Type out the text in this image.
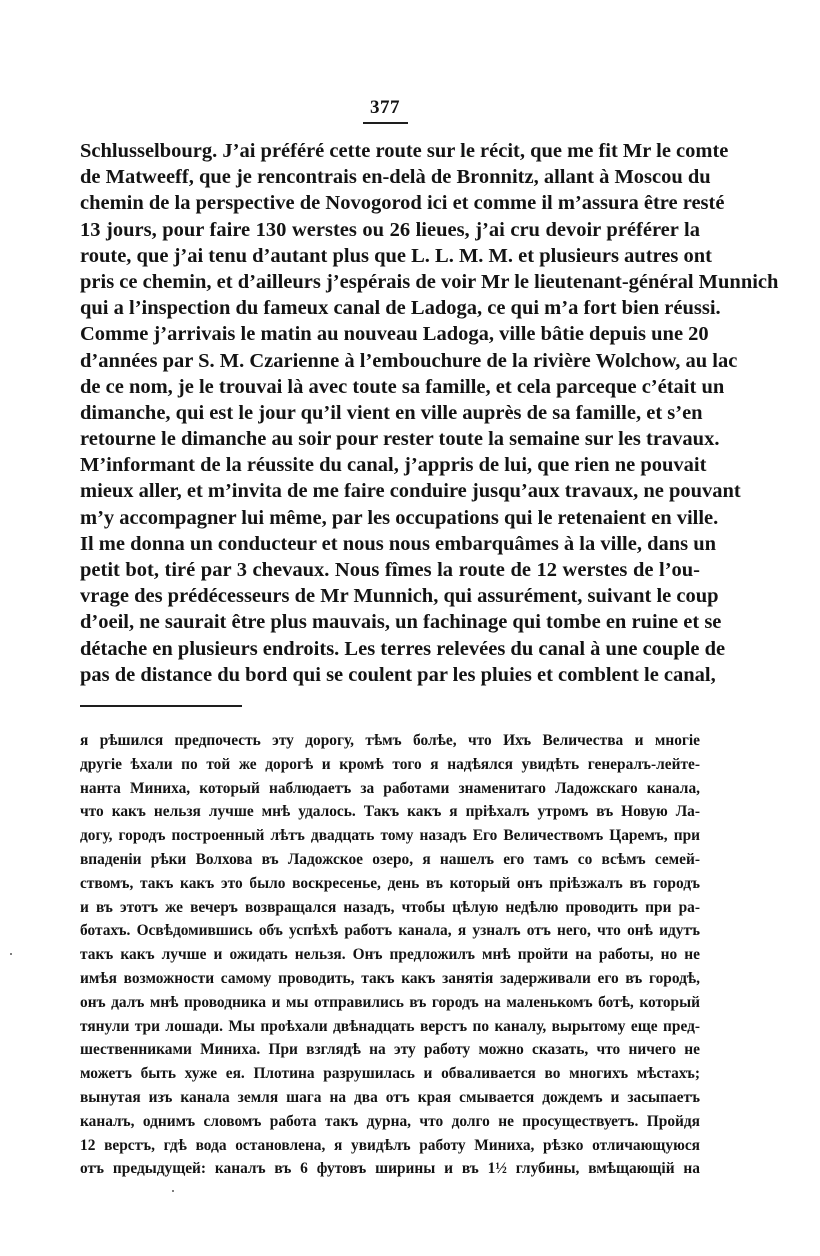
377
Schlusselbourg. J’ai préféré cette route sur le récit, que me fit Mr le comte
de Matweeff, que je rencontrais en-delà de Bronnitz, allant à Moscou du
chemin de la perspective de Novogorod ici et comme il m’assura être resté
13 jours, pour faire 130 werstes ou 26 lieues, j’ai cru devoir préférer la
route, que j’ai tenu d’autant plus que L. L. M. M. et plusieurs autres ont
pris ce chemin, et d’ailleurs j’espérais de voir Mr le lieutenant-général Munnich
qui a l’inspection du fameux canal de Ladoga, ce qui m’a fort bien réussi.
Comme j’arrivais le matin au nouveau Ladoga, ville bâtie depuis une 20
d’années par S. M. Czarienne à l’embouchure de la rivière Wolchow, au lac
de ce nom, je le trouvai là avec toute sa famille, et cela parceque c’était un
dimanche, qui est le jour qu’il vient en ville auprès de sa famille, et s’en
retourne le dimanche au soir pour rester toute la semaine sur les travaux.
M’informant de la réussite du canal, j’appris de lui, que rien ne pouvait
mieux aller, et m’invita de me faire conduire jusqu’aux travaux, ne pouvant
m’y accompagner lui même, par les occupations qui le retenaient en ville.
Il me donna un conducteur et nous nous embarquâmes à la ville, dans un
petit bot, tiré par 3 chevaux. Nous fîmes la route de 12 werstes de l’ou-
vrage des prédécesseurs de Mr Munnich, qui assurément, suivant le coup
d’oeil, ne saurait être plus mauvais, un fachinage qui tombe en ruine et se
détache en plusieurs endroits. Les terres relevées du canal à une couple de
pas de distance du bord qui se coulent par les pluies et comblent le canal,
я рѣшился предпочесть эту дорогу, тѣмъ болѣе, что Ихъ Величества и многіе
другіе ѣхали по той же дорогѣ и кромѣ того я надѣялся увидѣть генералъ-лейте-
нанта Миниха, который наблюдаетъ за работами знаменитаго Ладожскаго канала,
что какъ нельзя лучше мнѣ удалось. Такъ какъ я пріѣхалъ утромъ въ Новую Ла-
догу, городъ построенный лѣтъ двадцать тому назадъ Его Величествомъ Царемъ, при
впаденіи рѣки Волхова въ Ладожское озеро, я нашелъ его тамъ со всѣмъ семей-
ствомъ, такъ какъ это было воскресенье, день въ который онъ пріѣзжалъ въ городъ
и въ этотъ же вечеръ возвращался назадъ, чтобы цѣлую недѣлю проводить при ра-
ботахъ. Освѣдомившись объ успѣхѣ работъ канала, я узналъ отъ него, что онѣ идутъ
такъ какъ лучше и ожидать нельзя. Онъ предложилъ мнѣ пройти на работы, но не
имѣя возможности самому проводить, такъ какъ занятія задерживали его въ городѣ,
онъ далъ мнѣ проводника и мы отправились въ городъ на маленькомъ ботѣ, который
тянули три лошади. Мы проѣхали двѣнадцать верстъ по каналу, вырытому еще пред-
шественниками Миниха. При взглядѣ на эту работу можно сказать, что ничего не
можетъ быть хуже ея. Плотина разрушилась и обваливается во многихъ мѣстахъ;
вынутая изъ канала земля шага на два отъ края смывается дождемъ и засыпаетъ
каналъ, однимъ словомъ работа такъ дурна, что долго не просуществуетъ. Пройдя
12 верстъ, гдѣ вода остановлена, я увидѣлъ работу Миниха, рѣзко отличающуюся
отъ предыдущей: каналъ въ 6 футовъ ширины и въ 1½ глубины, вмѣщающій на
